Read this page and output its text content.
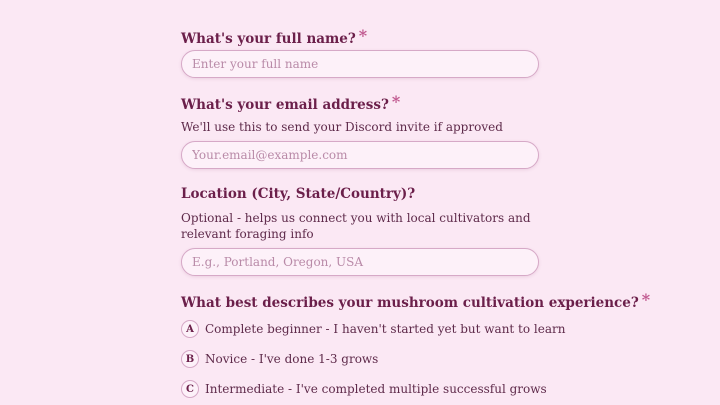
What's your full name? *
Enter your full name
What's your email address? *
We'll use this to send your Discord invite if approved
Your.email@example.com
Location (City, State/Country)?
Optional - helps us connect you with local cultivators and relevant foraging info
E.g., Portland, Oregon, USA
What best describes your mushroom cultivation experience? *
A Complete beginner - I haven't started yet but want to learn
B Novice - I've done 1-3 grows
C Intermediate - I've completed multiple successful grows
